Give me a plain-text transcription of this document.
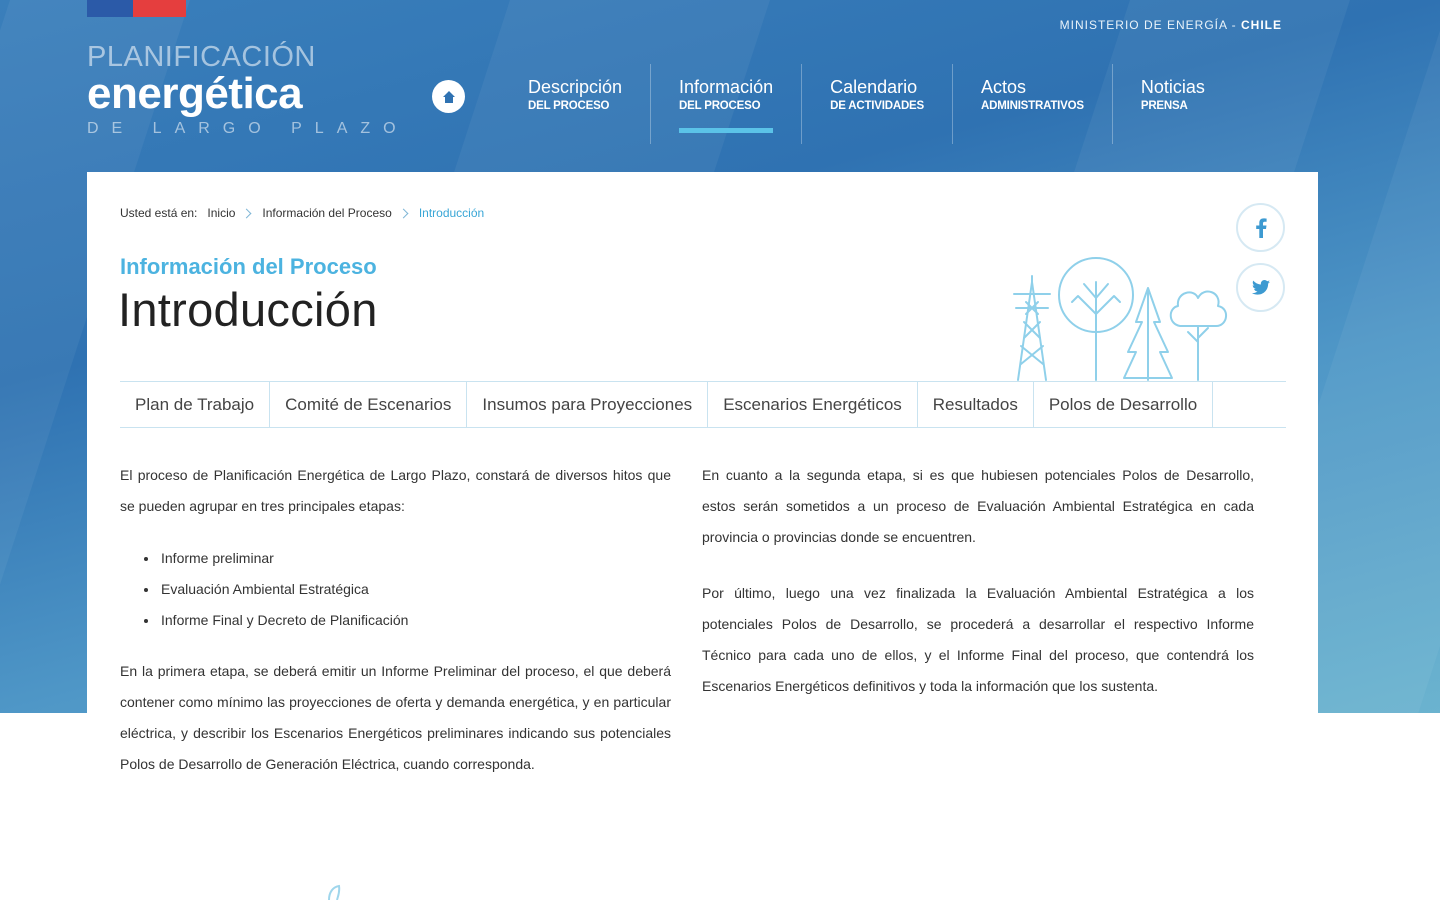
PLANIFICACIÓN
energética
DE LARGO PLAZO
MINISTERIO DE ENERGÍA - CHILE
Descripción
DEL PROCESO
Información
DEL PROCESO
Calendario
DE ACTIVIDADES
Actos
ADMINISTRATIVOS
Noticias
PRENSA
Usted está en: Inicio Información del Proceso Introducción
Información del Proceso
Introducción
Plan de Trabajo	Comité de Escenarios	Insumos para Proyecciones	Escenarios Energéticos	Resultados	Polos de Desarrollo

El proceso de Planificación Energética de Largo Plazo, constará de diversos hitos que se pueden agrupar en tres principales etapas:

Informe preliminar
Evaluación Ambiental Estratégica
Informe Final y Decreto de Planificación

En la primera etapa, se deberá emitir un Informe Preliminar del proceso, el que deberá contener como mínimo las proyecciones de oferta y demanda energética, y en particular eléctrica, y describir los Escenarios Energéticos preliminares indicando sus potenciales Polos de Desarrollo de Generación Eléctrica, cuando corresponda.

En cuanto a la segunda etapa, si es que hubiesen potenciales Polos de Desarrollo, estos serán sometidos a un proceso de Evaluación Ambiental Estratégica en cada provincia o provincias donde se encuentren.

Por último, luego una vez finalizada la Evaluación Ambiental Estratégica a los potenciales Polos de Desarrollo, se procederá a desarrollar el respectivo Informe Técnico para cada uno de ellos, y el Informe Final del proceso, que contendrá los Escenarios Energéticos definitivos y toda la información que los sustenta.
